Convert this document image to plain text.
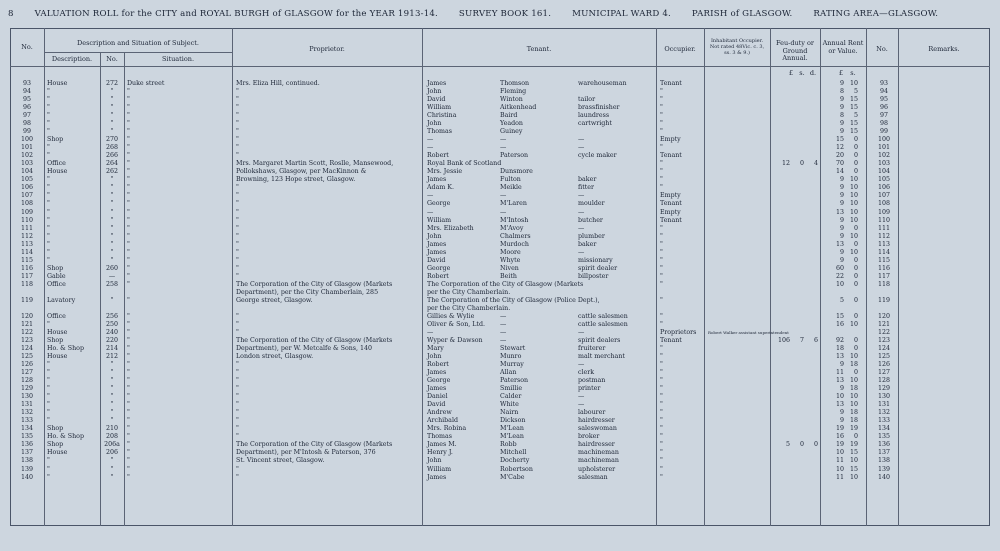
8 VALUATION ROLL for the CITY and ROYAL BURGH of GLASGOW for the YEAR 1913-14. SURVEY BOOK 161. MUNICIPAL WARD 4. PARISH of GLASGOW. RATING AREA—GLASGOW.
No.	Description and Situation of Subject.
Description.	No.	Situation.
Proprietor.	Tenant.	Occupier.
Inhabitant Occupier. Not rated 48Vic. c. 3, ss. 3 & 9.)
Feu-duty or Ground Annual.
Annual Rent or Value.	No.	Remarks.
£ s. d.	£	s.
93	House	272	Duke street	Mrs. Eliza Hill, continued.	James	Thomson	warehouseman	Tenant	9 10	93
94	"	"	"	"	John	Fleming	"	8	5	94
95	"	"	"	"	David	Winton	tailor	"	9 15	95
96	"	"	"	"	William	Aitkenhead	brassfinisher	"	9 15	96
97	"	"	"	"	Christina	Baird	laundress	"	8	5	97
98	"	"	"	"	John	Yeadon	cartwright	"	9 15	98
99	"	"	"	"	Thomas	Guiney	"	9 15	99
100	Shop	270	"	"	—	—	—	Empty	15	0	100
101	"	268	"	"	—	—	—	"	12	0	101
102	"	266	"	"	Robert	Paterson	cycle maker	Tenant	20	0	102
103	Office	264	"	Mrs. Margaret Martin Scott, Roslle, Mansewood,	Royal Bank of Scotland	"	12	0	4	70	0	103
104	House	262	"	Pollokshaws, Glasgow, per MacKinnon &	Mrs. Jessie	Dunsmore	"	14	0	104
105	"	"	"	Browning, 123 Hope street, Glasgow.	James	Fulton	baker	"	9 10	105
106	"	"	"	"	Adam K.	Meikle	fitter	"	9 10	106
107	"	"	"	"	—	—	—	Empty	9 10	107
108	"	"	"	"	George	M'Laren	moulder	Tenant	9 10	108
109	"	"	"	"	—	—	—	Empty	13 10	109
110	"	"	"	"	William	M'Intosh	butcher	Tenant	9 10	110
111	"	"	"	"	Mrs. Elizabeth	M'Avoy	—	"	9	0	111
112	"	"	"	"	John	Chalmers	plumber	"	9 10	112
113	"	"	"	"	James	Murdoch	baker	"	13	0	113
114	"	"	"	"	James	Moore	—	"	9 10	114
115	"	"	"	"	David	Whyte	missionary	"	9	0	115
116	Shop	260	"	"	George	Niven	spirit dealer	"	60	0	116
117	Gable	—	"	"	Robert	Beith	billposter	"	22	0	117
118	Office	258	"	The Corporation of the City of Glasgow (Markets	The Corporation of the City of Glasgow (Markets	"	10	0	118
Department), per the City Chamberlain, 285	per the City Chamberlain.
119	Lavatory	"	"	George street, Glasgow.	The Corporation of the City of Glasgow (Police Dept.),	"	5	0	119
per the City Chamberlain.
120	Office	256	"	"	Gillies & Wylie	—	cattle salesmen	"	15	0	120
121	"	250	"	"	Oliver & Son, Ltd.	—	cattle salesmen	"	16 10	121
122	House	240	"	"	—	—	—	Proprietors	Robert Walker assistant superintendent	122
123	Shop	220	"	The Corporation of the City of Glasgow (Markets	Wyper & Dawson	—	spirit dealers	Tenant	106	7	6	92	0	123
124	Ho. & Shop	214	"	Department), per W. Metcalfe & Sons, 140	Mary	Stewart	fruiterer	"	18	0	124
125	House	212	"	London street, Glasgow.	John	Munro	malt merchant	"	13 10	125
126	"	"	"	"	Robert	Murray	—	"	9 18	126
127	"	"	"	"	James	Allan	clerk	"	11	0	127
128	"	"	"	"	George	Paterson	postman	"	13 10	128
129	"	"	"	"	James	Smillie	printer	"	9 18	129
130	"	"	"	"	Daniel	Calder	—	"	10 10	130
131	"	"	"	"	David	White	—	"	13 10	131
132	"	"	"	"	Andrew	Nairn	labourer	"	9 18	132
133	"	"	"	"	Archibald	Dickson	hairdresser	"	9 18	133
134	Shop	210	"	"	Mrs. Robina	M'Lean	saleswoman	"	19 19	134
135	Ho. & Shop	208	"	"	Thomas	M'Lean	broker	"	16	0	135
136	Shop	206a	"	The Corporation of the City of Glasgow (Markets	James M.	Robb	hairdresser	"	5	0	0	19 19	136
137	House	206	"	Department), per M'Intosh & Paterson, 376	Henry J.	Mitchell	machineman	"	10 15	137
138	"	"	"	St. Vincent street, Glasgow.	John	Docherty	machineman	"	11 10	138
139	"	"	"	"	William	Robertson	upholsterer	"	10 15	139
140	"	"	"	"	James	M'Cabe	salesman	"	11 10	140
